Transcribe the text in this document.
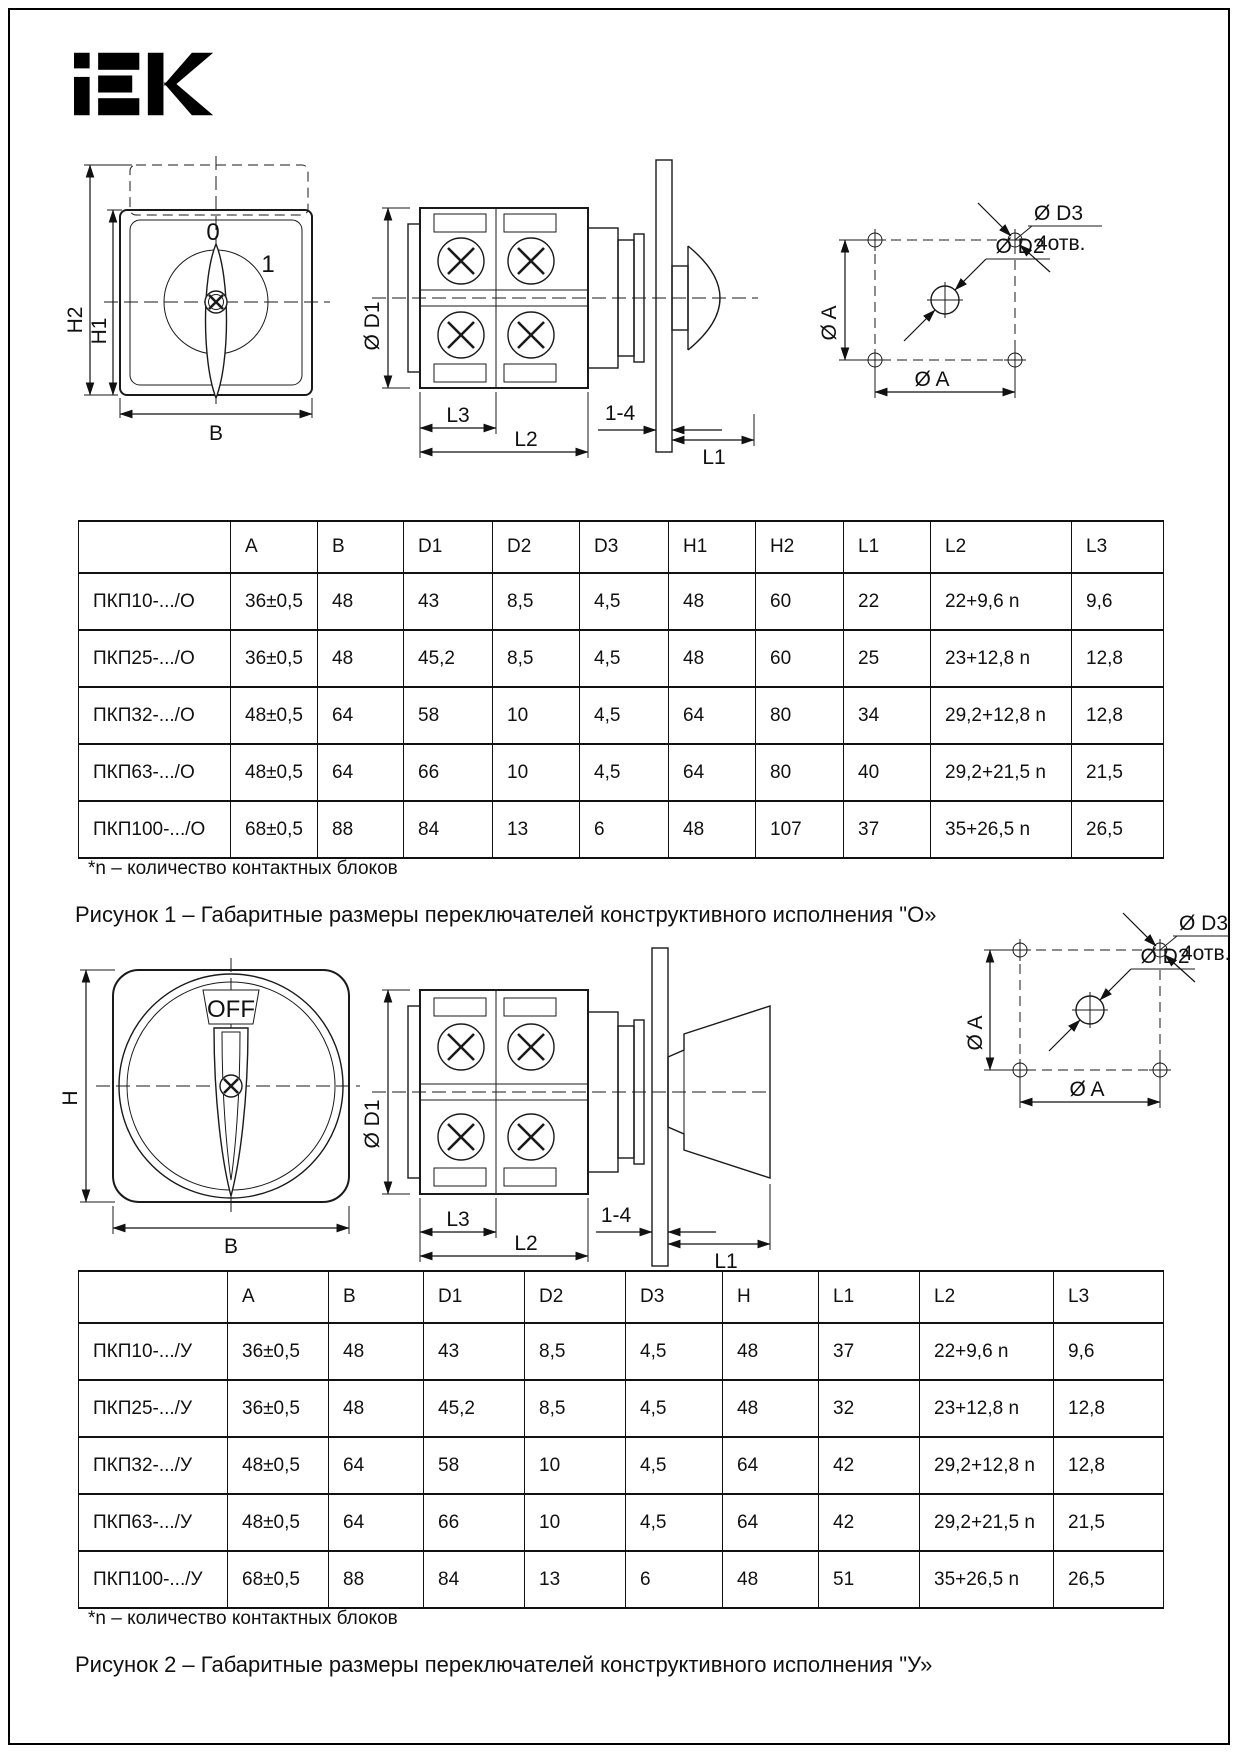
0
1
H2 H1
B
Ø D1
L3
L2
1-4
L1
Ø D2
Ø D3
4отв.
Ø A
Ø A
	A	B	D1	D2	D3	H1	H2	L1	L2	L3
ПКП10-.../О	36±0,5	48	43	8,5	4,5	48	60	22	22+9,6 n	9,6
ПКП25-.../О	36±0,5	48	45,2	8,5	4,5	48	60	25	23+12,8 n	12,8
ПКП32-.../О	48±0,5	64	58	10	4,5	64	80	34	29,2+12,8 n	12,8
ПКП63-.../О	48±0,5	64	66	10	4,5	64	80	40	29,2+21,5 n	21,5
ПКП100-.../О	68±0,5	88	84	13	6	48	107	37	35+26,5 n	26,5
*n – количество контактных блоков
Рисунок 1 – Габаритные размеры переключателей конструктивного исполнения "О»
OFF
H
B
Ø D1
L3
L2
1-4
L1
Ø D2
Ø D3
4отв.
Ø A
Ø A
	A	B	D1	D2	D3	H	L1	L2	L3
ПКП10-.../У	36±0,5	48	43	8,5	4,5	48	37	22+9,6 n	9,6
ПКП25-.../У	36±0,5	48	45,2	8,5	4,5	48	32	23+12,8 n	12,8
ПКП32-.../У	48±0,5	64	58	10	4,5	64	42	29,2+12,8 n	12,8
ПКП63-.../У	48±0,5	64	66	10	4,5	64	42	29,2+21,5 n	21,5
ПКП100-.../У	68±0,5	88	84	13	6	48	51	35+26,5 n	26,5
*n – количество контактных блоков
Рисунок 2 – Габаритные размеры переключателей конструктивного исполнения "У»
